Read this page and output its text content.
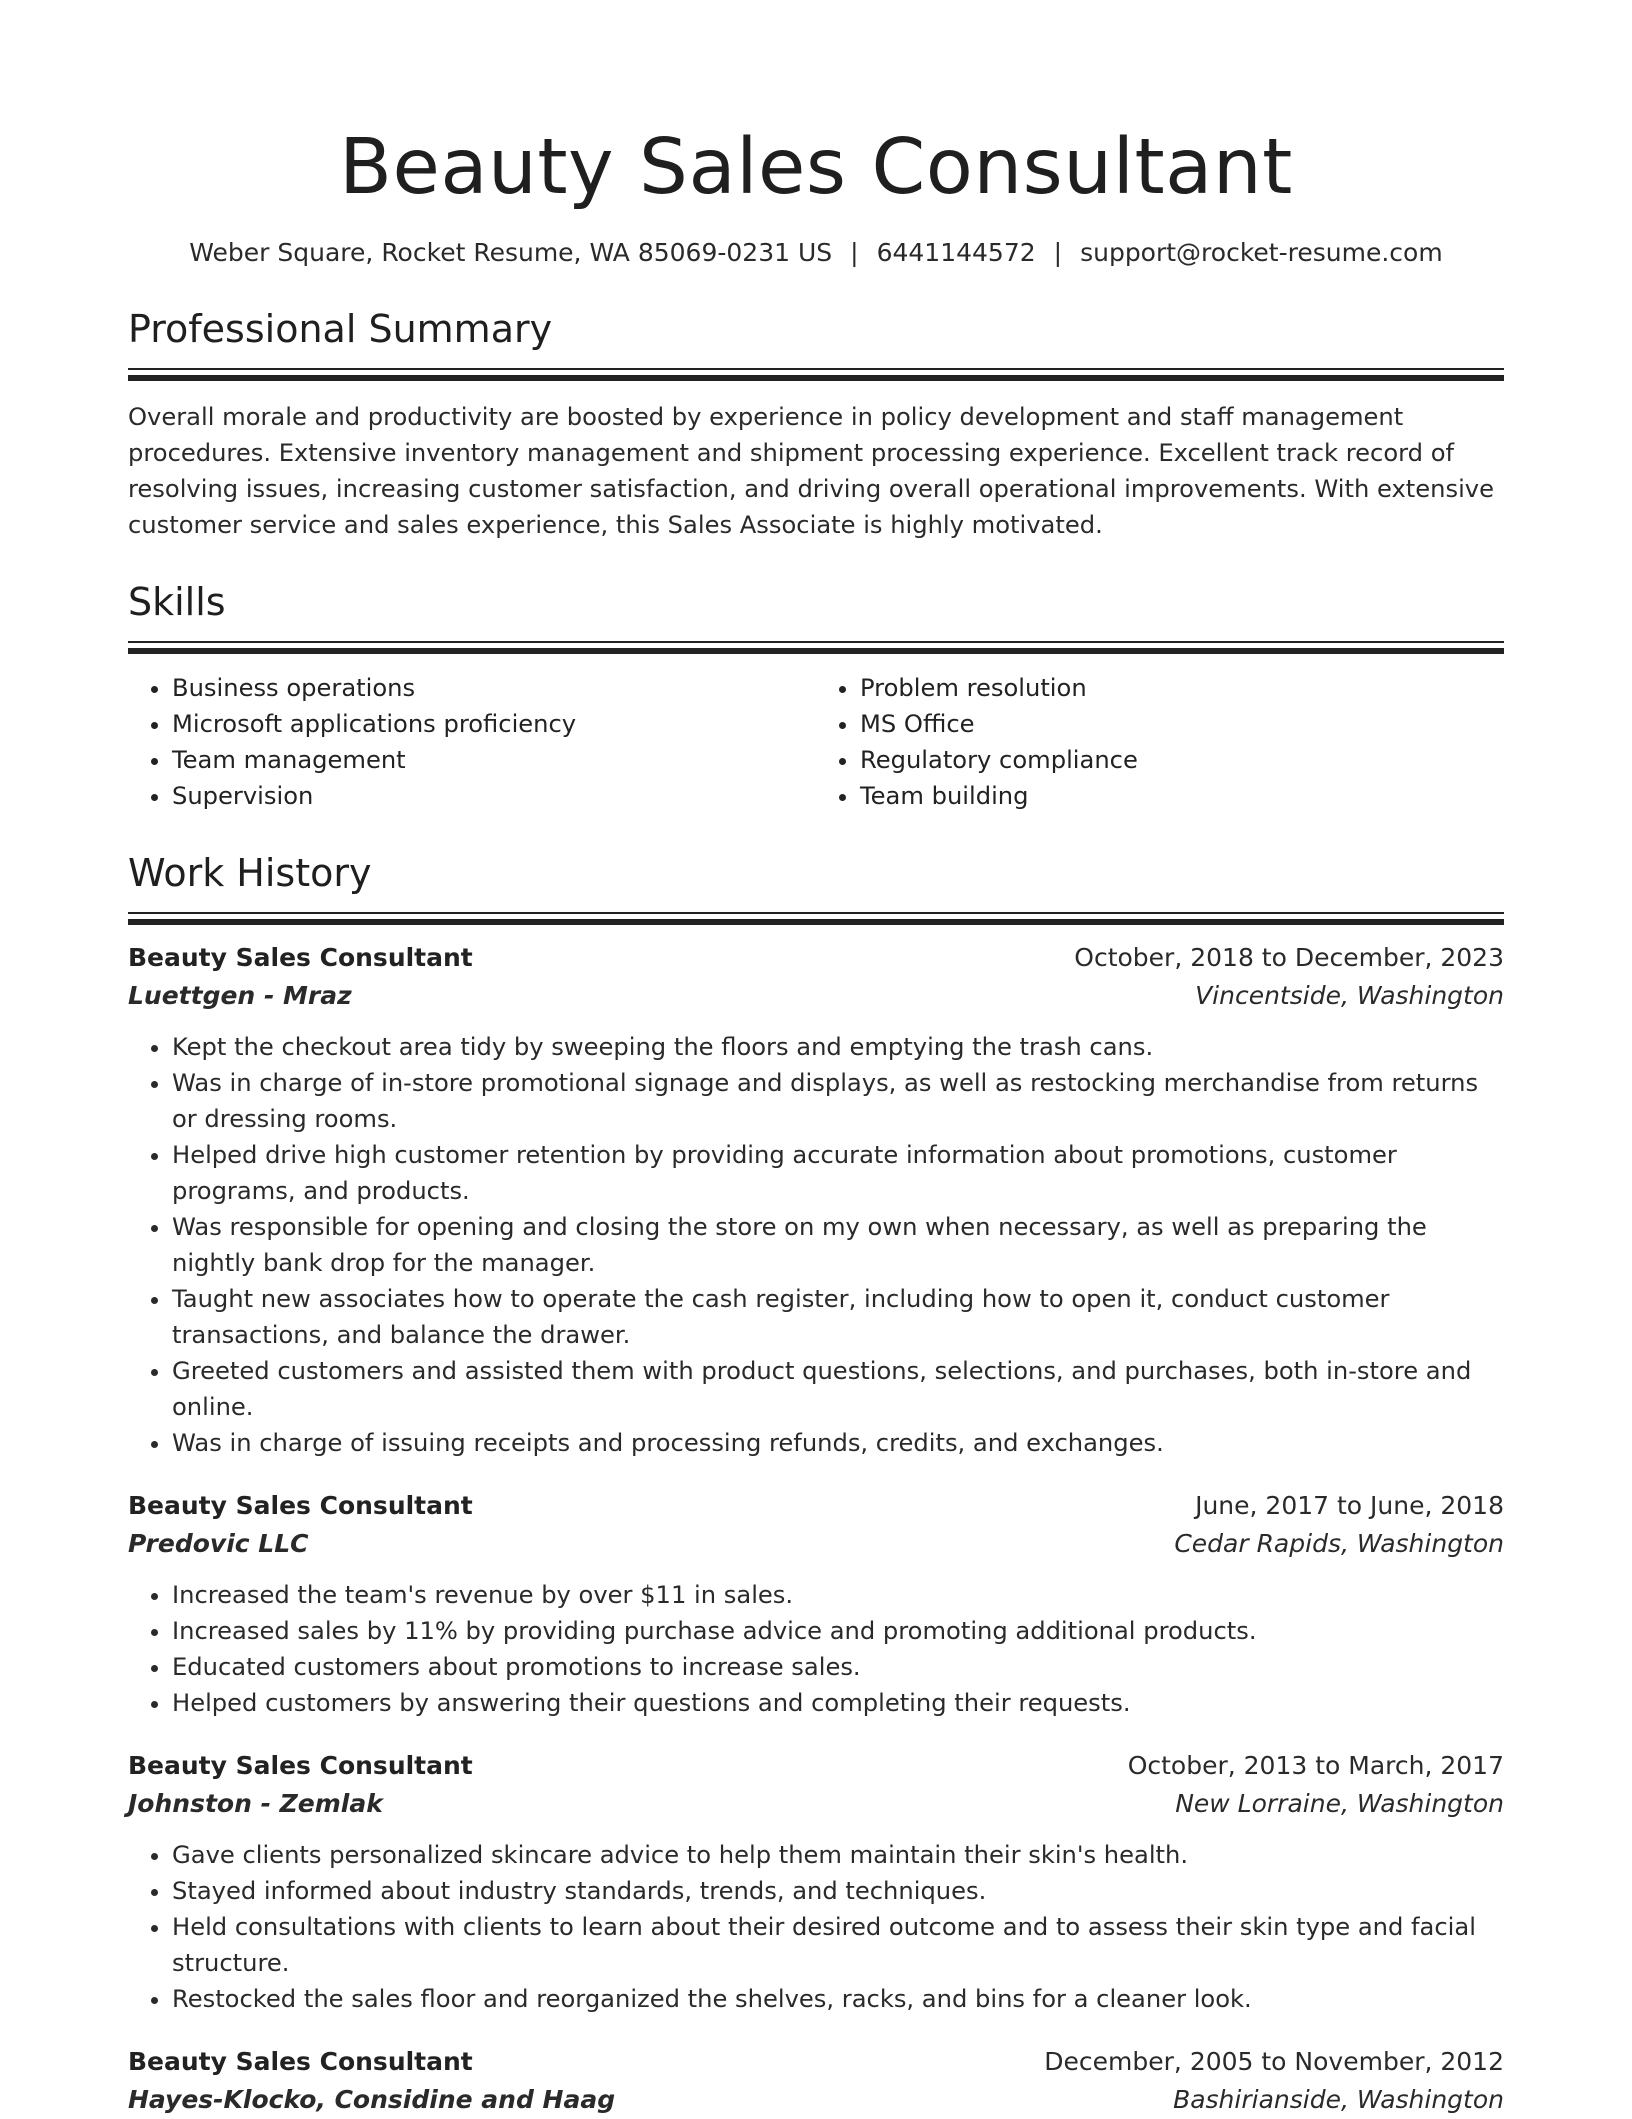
Beauty Sales Consultant
Weber Square, Rocket Resume, WA 85069-0231 US | 6441144572 | support@rocket-resume.com
Professional Summary

Overall morale and productivity are boosted by experience in policy development and staff management procedures. Extensive inventory management and shipment processing experience. Excellent track record of resolving issues, increasing customer satisfaction, and driving overall operational improvements. With extensive customer service and sales experience, this Sales Associate is highly motivated.

Skills
• Business operations
• Microsoft applications proficiency
• Team management
• Supervision
• Problem resolution
• MS Office
• Regulatory compliance
• Team building
Work History
Beauty Sales Consultant	October, 2018 to December, 2023
Luettgen - Mraz	Vincentside, Washington
• Kept the checkout area tidy by sweeping the floors and emptying the trash cans.
• Was in charge of in-store promotional signage and displays, as well as restocking merchandise from returns or dressing rooms.
• Helped drive high customer retention by providing accurate information about promotions, customer programs, and products.
• Was responsible for opening and closing the store on my own when necessary, as well as preparing the nightly bank drop for the manager.
• Taught new associates how to operate the cash register, including how to open it, conduct customer transactions, and balance the drawer.
• Greeted customers and assisted them with product questions, selections, and purchases, both in-store and online.
• Was in charge of issuing receipts and processing refunds, credits, and exchanges.
Beauty Sales Consultant	June, 2017 to June, 2018
Predovic LLC	Cedar Rapids, Washington
• Increased the team's revenue by over $11 in sales.
• Increased sales by 11% by providing purchase advice and promoting additional products.
• Educated customers about promotions to increase sales.
• Helped customers by answering their questions and completing their requests.
Beauty Sales Consultant	October, 2013 to March, 2017
Johnston - Zemlak	New Lorraine, Washington
• Gave clients personalized skincare advice to help them maintain their skin's health.
• Stayed informed about industry standards, trends, and techniques.
• Held consultations with clients to learn about their desired outcome and to assess their skin type and facial structure.
• Restocked the sales floor and reorganized the shelves, racks, and bins for a cleaner look.
Beauty Sales Consultant	December, 2005 to November, 2012
Hayes-Klocko, Considine and Haag	Bashirianside, Washington
